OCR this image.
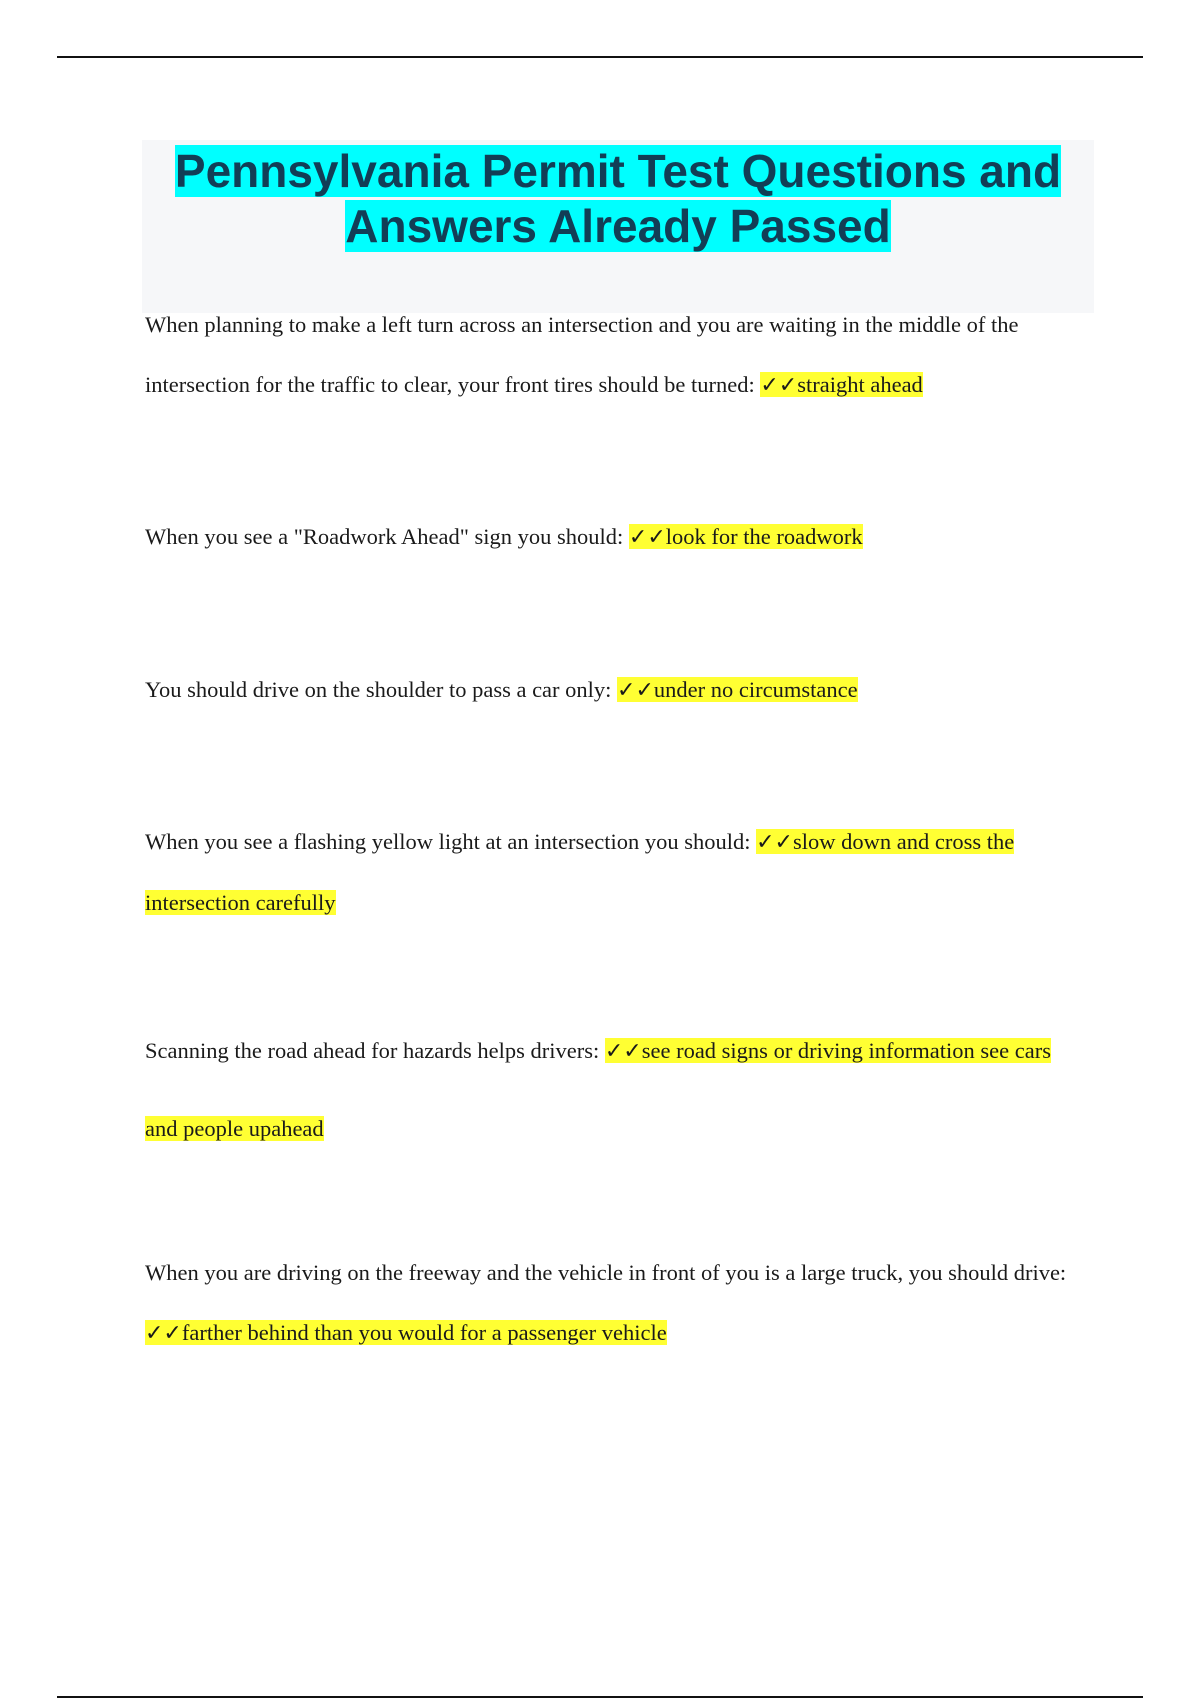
Pennsylvania Permit Test Questions and Answers Already Passed

When planning to make a left turn across an intersection and you are waiting in the middle of the intersection for the traffic to clear, your front tires should be turned: ✓✓straight ahead

When you see a "Roadwork Ahead" sign you should: ✓✓look for the roadwork

You should drive on the shoulder to pass a car only: ✓✓under no circumstance

When you see a flashing yellow light at an intersection you should: ✓✓slow down and cross the intersection carefully

Scanning the road ahead for hazards helps drivers: ✓✓see road signs or driving information see cars and people upahead

When you are driving on the freeway and the vehicle in front of you is a large truck, you should drive: ✓✓farther behind than you would for a passenger vehicle
